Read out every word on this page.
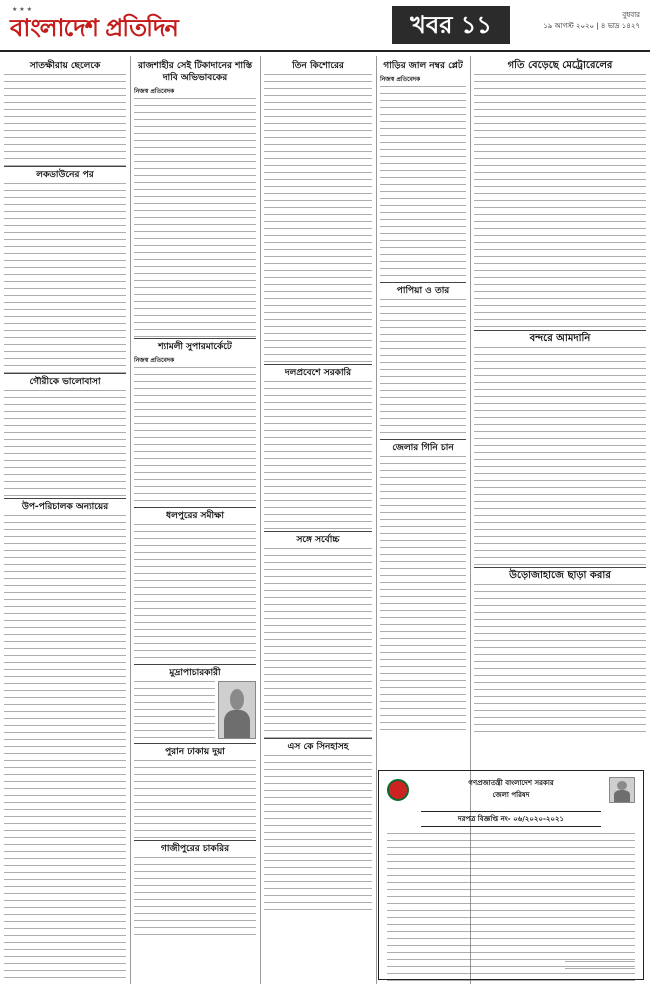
★ ★ ★
বাংলাদেশ প্রতিদিন	খবর ১১	বুধবার
১৯ আগস্ট ২০২০ | ৪ ভাদ্র ১৪২৭
সাতক্ষীরায় ছেলেকে
লকডাউনের পর
গৌরীকে ভালোবাসা
উপ-পরিচালক অন্যায়ের
রাজশাহীর সেই টিকাদানের শাস্তি দাবি অভিভাবকের
নিজস্ব প্রতিবেদক
শ্যামলী সুপারমার্কেটে
নিজস্ব প্রতিবেদক
ধলপুরের সমীক্ষা
মুদ্রাপাচারকারী
পুরান ঢাকায় দুয়া
গাজীপুরের চাকরির
তিন কিশোরের
দলপ্রবেশে সরকারি
সঙ্গে সর্বোচ্চ
এস কে সিনহাসহ
গাড়ির জাল নম্বর প্লেট
নিজস্ব প্রতিবেদক
পাপিয়া ও তার
জেলার গিনি চান
গতি বেড়েছে মেট্রোরেলের
বন্দরে আমদানি
উড়োজাহাজে ছাড়া করার
গণপ্রজাতন্ত্রী বাংলাদেশ সরকার
জেলা পরিষদ
দরপত্র বিজ্ঞপ্তি নং- ০৬/২০২০-২০২১
